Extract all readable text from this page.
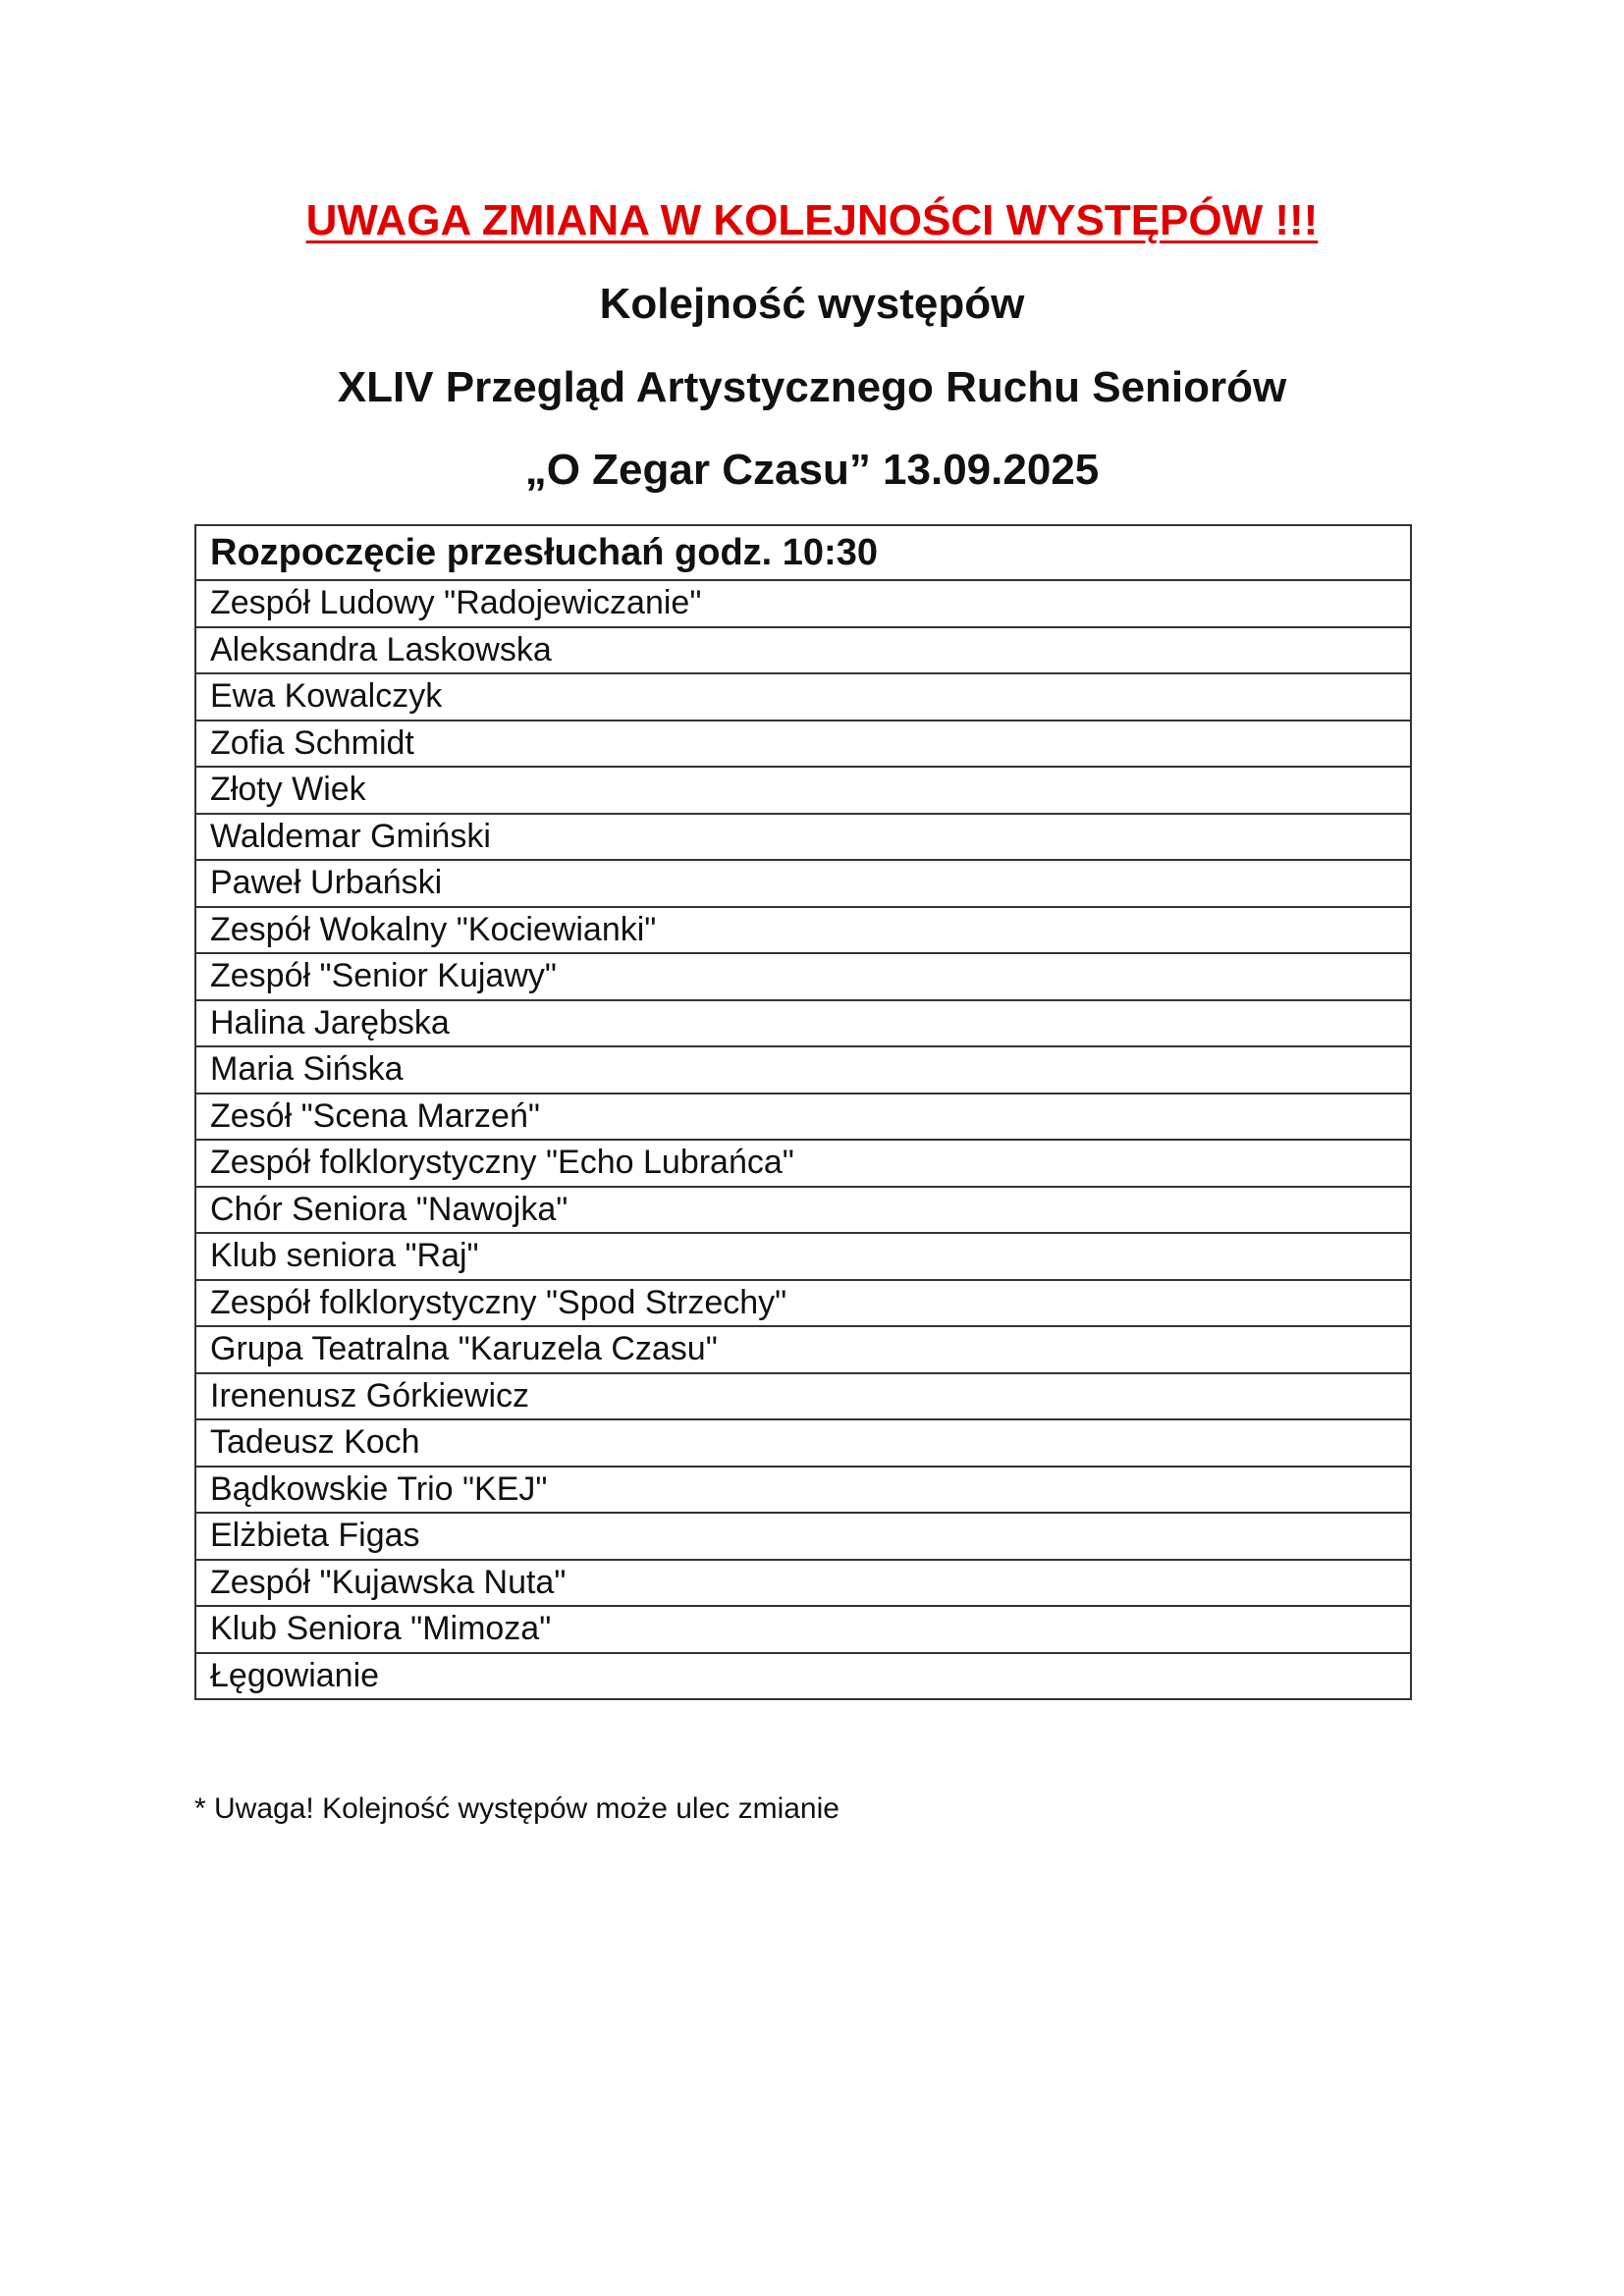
UWAGA ZMIANA W KOLEJNOŚCI WYSTĘPÓW !!!
Kolejność występów
XLIV Przegląd Artystycznego Ruchu Seniorów
„O Zegar Czasu” 13.09.2025
Rozpoczęcie przesłuchań godz. 10:30
Zespół Ludowy "Radojewiczanie"
Aleksandra Laskowska
Ewa Kowalczyk
Zofia Schmidt
Złoty Wiek
Waldemar Gmiński
Paweł Urbański
Zespół Wokalny "Kociewianki"
Zespół "Senior Kujawy"
Halina Jarębska
Maria Sińska
Zesół "Scena Marzeń"
Zespół folklorystyczny "Echo Lubrańca"
Chór Seniora "Nawojka"
Klub seniora "Raj"
Zespół folklorystyczny "Spod Strzechy"
Grupa Teatralna "Karuzela Czasu"
Irenenusz Górkiewicz
Tadeusz Koch
Bądkowskie Trio "KEJ"
Elżbieta Figas
Zespół "Kujawska Nuta"
Klub Seniora "Mimoza"
Łęgowianie
* Uwaga! Kolejność występów może ulec zmianie
